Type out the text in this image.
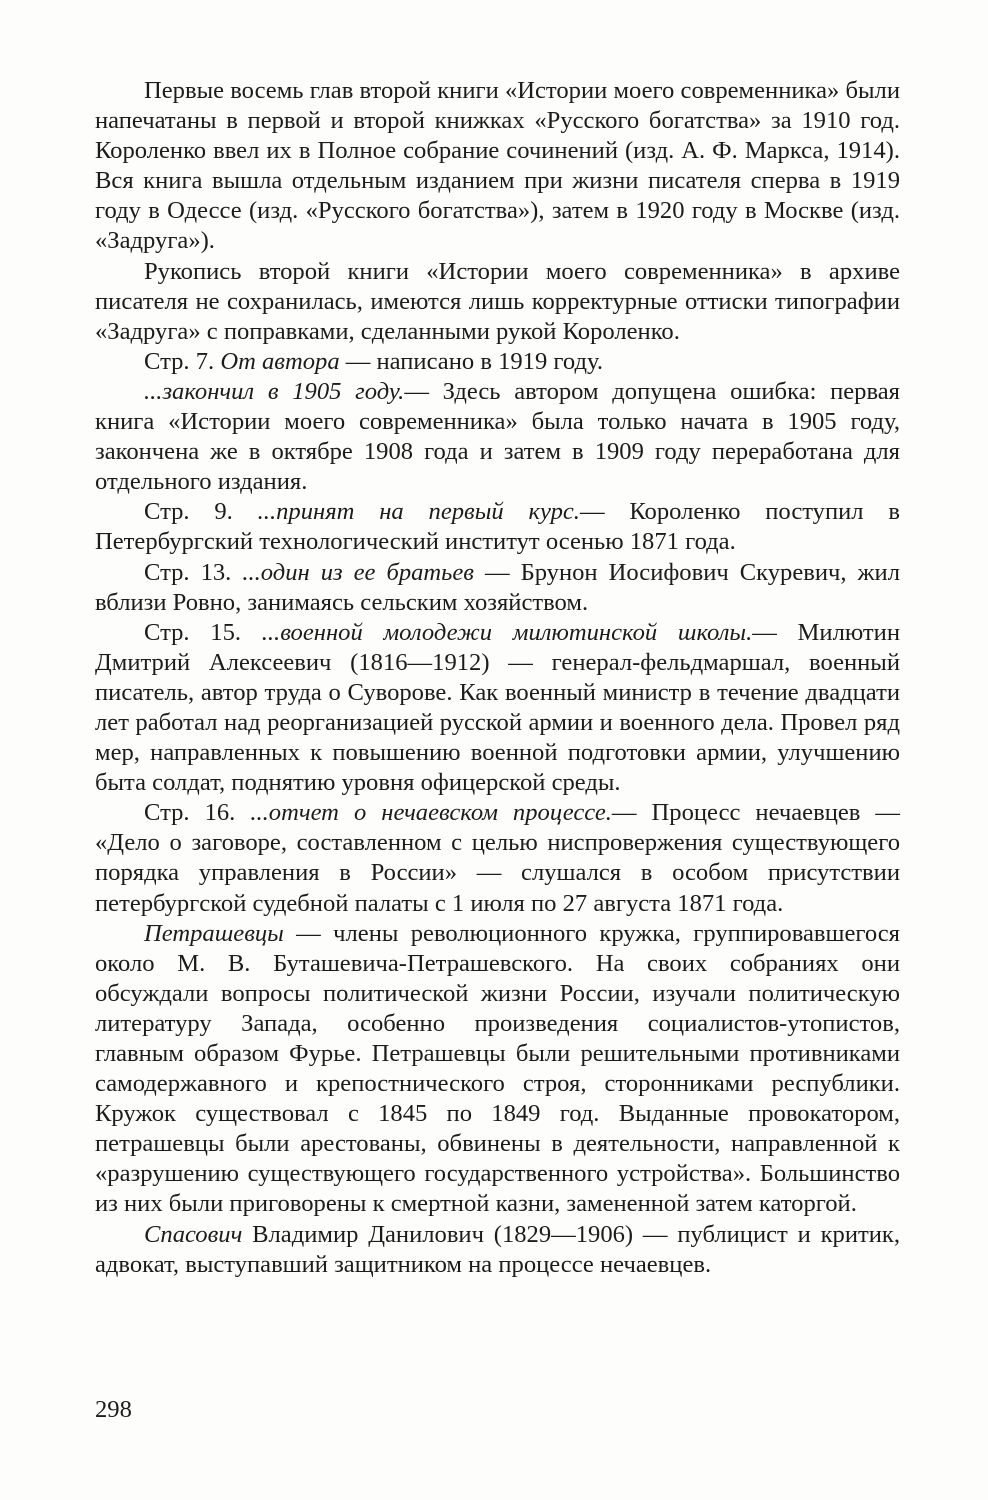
Первые восемь глав второй книги «Истории моего современника» были напечатаны в первой и второй книжках «Русского богатства» за 1910 год. Короленко ввел их в Полное собрание сочинений (изд. А. Ф. Маркса, 1914). Вся книга вышла отдельным изданием при жизни писателя сперва в 1919 году в Одессе (изд. «Русского богатства»), затем в 1920 году в Москве (изд. «Задруга»).

Рукопись второй книги «Истории моего современника» в архиве писателя не сохранилась, имеются лишь корректурные оттиски типографии «Задруга» с поправками, сделанными рукой Короленко.

Стр. 7. От автора — написано в 1919 году.

...закончил в 1905 году.— Здесь автором допущена ошибка: первая книга «Истории моего современника» была только начата в 1905 году, закончена же в октябре 1908 года и затем в 1909 году переработана для отдельного издания.

Стр. 9. ...принят на первый курс.— Короленко поступил в Петербургский технологический институт осенью 1871 года.

Стр. 13. ...один из ее братьев — Брунон Иосифович Скуревич, жил вблизи Ровно, занимаясь сельским хозяйством.

Стр. 15. ...военной молодежи милютинской школы.— Милютин Дмитрий Алексеевич (1816—1912) — генерал-фельдмаршал, военный писатель, автор труда о Суворове. Как военный министр в течение двадцати лет работал над реорганизацией русской армии и военного дела. Провел ряд мер, направленных к повышению военной подготовки армии, улучшению быта солдат, поднятию уровня офицерской среды.

Стр. 16. ...отчет о нечаевском процессе.— Процесс нечаевцев — «Дело о заговоре, составленном с целью ниспровержения существующего порядка управления в России» — слушался в особом присутствии петербургской судебной палаты с 1 июля по 27 августа 1871 года.

Петрашевцы — члены революционного кружка, группировавшегося около М. В. Буташевича-Петрашевского. На своих собраниях они обсуждали вопросы политической жизни России, изучали политическую литературу Запада, особенно произведения социалистов-утопистов, главным образом Фурье. Петрашевцы были решительными противниками самодержавного и крепостнического строя, сторонниками республики. Кружок существовал с 1845 по 1849 год. Выданные провокатором, петрашевцы были арестованы, обвинены в деятельности, направленной к «разрушению существующего государственного устройства». Большинство из них были приговорены к смертной казни, замененной затем каторгой.

Спасович Владимир Данилович (1829—1906) — публицист и критик, адвокат, выступавший защитником на процессе нечаевцев.

298
